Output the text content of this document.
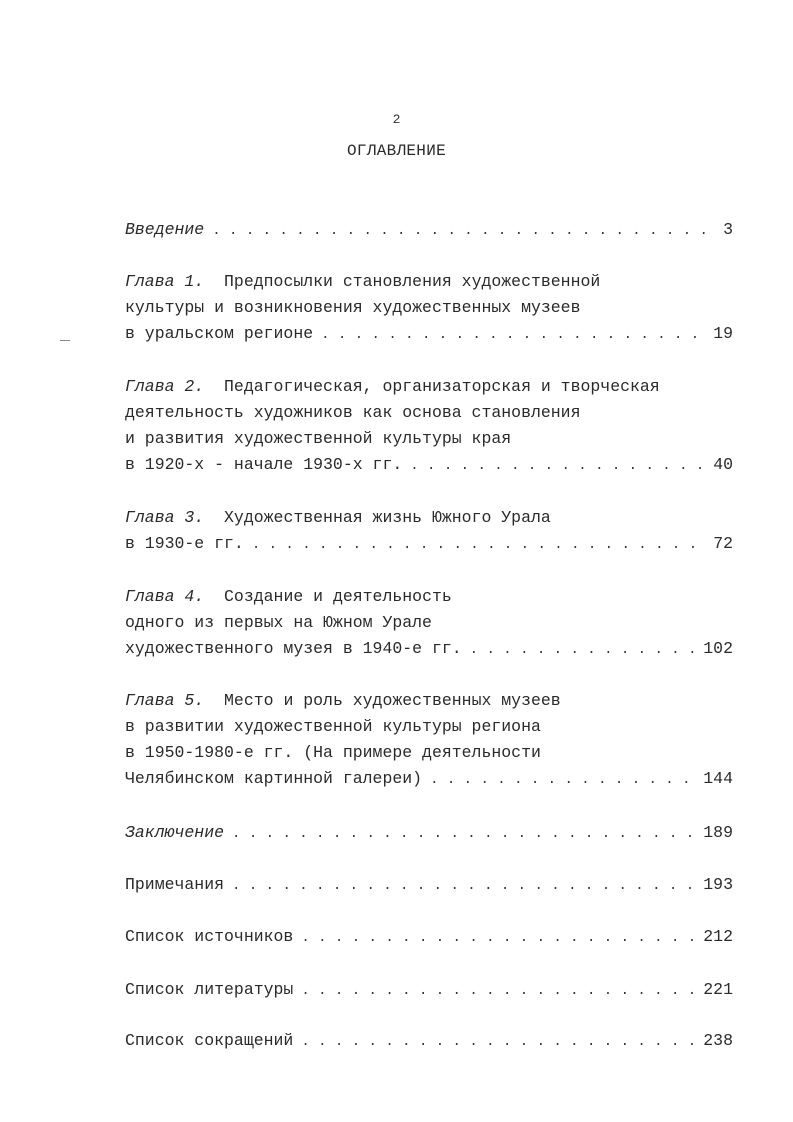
2
ОГЛАВЛЕНИЕ
Введение . . .	3
Глава 1.  Предпосылки становления художественной
культуры и возникновения художественных музеев
в уральском регионе . . .	19
Глава 2.  Педагогическая, организаторская и творческая
деятельность художников как основа становления
и развития художественной культуры края
в 1920-х - начале 1930-х гг. . . .	40
Глава 3.  Художественная жизнь Южного Урала
в 1930-е гг. . . .	72
Глава 4.  Создание и деятельность
одного из первых на Южном Урале
художественного музея в 1940-е гг. . . .	102
Глава 5.  Место и роль художественных музеев
в развитии художественной культуры региона
в 1950-1980-е гг. (На примере деятельности
Челябинском картинной галереи) . . .	144
Заключение . . .	189
Примечания . . .	193
Список источников . . .	212
Список литературы . . .	221
Список сокращений . . .	238
